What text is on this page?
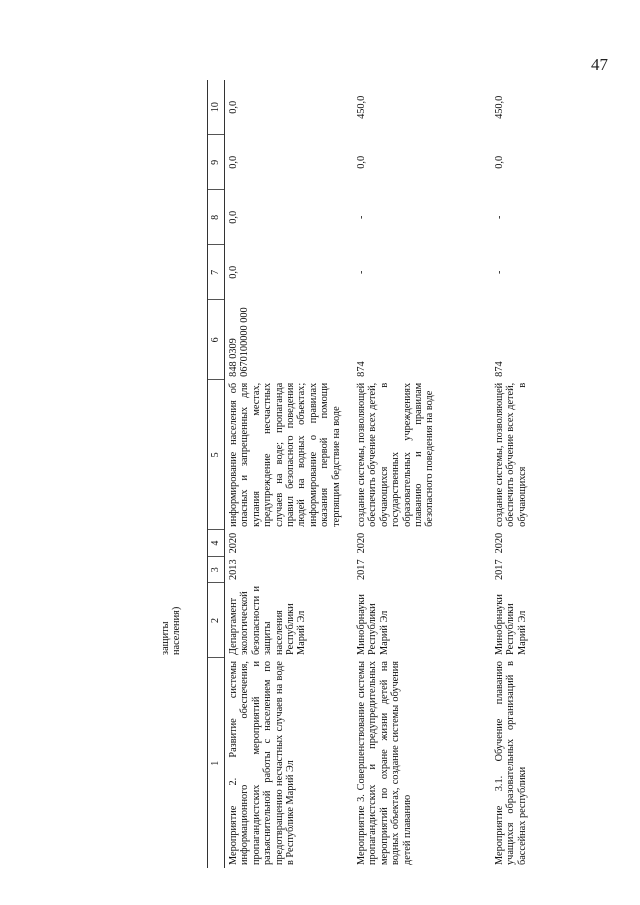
47
	защиты населения)								
1	2	3	4	5	6	7	8	9	10
Мероприятие 2. Развитие системы информационного обеспечения, пропагандистских мероприятий и разъяснительной работы с населением по предотвращению несчастных случаев на воде в Республике Марий Эл	Департамент экологической безопасности и защиты населения Республики Марий Эл	2013	2020	информирование населения об опасных и запрещенных для купания местах, предупреждение несчастных случаев на воде; пропаганда правил безопасного поведения людей на водных объектах; информирование о правилах оказания первой помощи терпящим бедствие на воде	848 0309 0670100000 000	0,0	0,0	0,0	0,0
Мероприятие 3. Совершенствование системы пропагандистских и предупредительных мероприятий по охране жизни детей на водных объектах, создание системы обучения детей плаванию	Минобрнауки Республики Марий Эл	2017	2020	создание системы, позволяющей обеспечить обучение всех детей, обучающихся в государственных образовательных учреждениях плаванию и правилам безопасного поведения на воде	874	-	-	0,0	450,0
Мероприятие 3.1. Обучение плаванию учащихся образовательных организаций в бассейнах республики	Минобрнауки Республики Марий Эл	2017	2020	создание системы, позволяющей обеспечить обучение всех детей, обучающихся в	874	-	-	0,0	450,0
